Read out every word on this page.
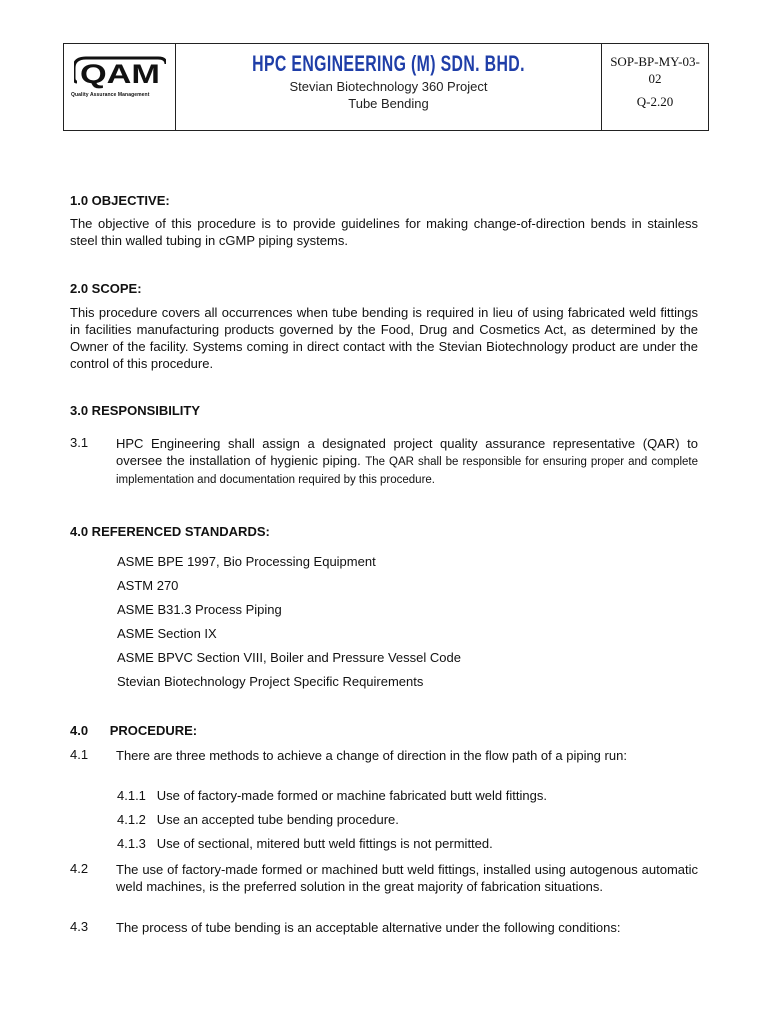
QAM
Quality Assurance Management
HPC ENGINEERING (M) SDN. BHD.
Stevian Biotechnology 360 Project
Tube Bending
SOP-BP-MY-03-
02
Q-2.20
1.0 OBJECTIVE:

The objective of this procedure is to provide guidelines for making change-of-direction bends in stainless steel thin walled tubing in cGMP piping systems.

2.0 SCOPE:

This procedure covers all occurrences when tube bending is required in lieu of using fabricated weld fittings in facilities manufacturing products governed by the Food, Drug and Cosmetics Act, as determined by the Owner of the facility. Systems coming in direct contact with the Stevian Biotechnology product are under the control of this procedure.

3.0 RESPONSIBILITY
3.1 HPC Engineering shall assign a designated project quality assurance representative (QAR) to oversee the installation of hygienic piping. The QAR shall be responsible for ensuring proper and complete implementation and documentation required by this procedure.

4.0 REFERENCED STANDARDS:
ASME BPE 1997, Bio Processing Equipment
ASTM 270
ASME B31.3 Process Piping
ASME Section IX
ASME BPVC Section VIII, Boiler and Pressure Vessel Code
Stevian Biotechnology Project Specific Requirements
4.0      PROCEDURE:
4.1 There are three methods to achieve a change of direction in the flow path of a piping run:

4.1.1   Use of factory-made formed or machine fabricated butt weld fittings.
4.1.2   Use an accepted tube bending procedure.
4.1.3   Use of sectional, mitered butt weld fittings is not permitted.
4.2 The use of factory-made formed or machined butt weld fittings, installed using autogenous automatic weld machines, is the preferred solution in the great majority of fabrication situations.

4.3 The process of tube bending is an acceptable alternative under the following conditions:
